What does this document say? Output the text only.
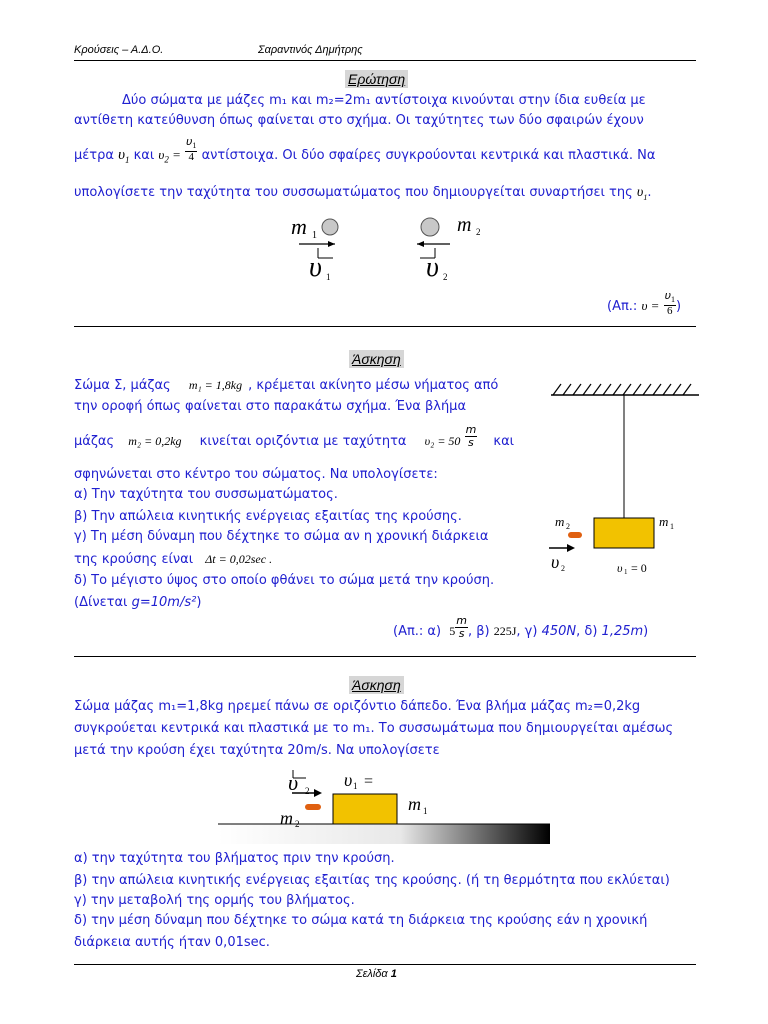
Κρούσεις – Α.Δ.Ο.	Σαραντινός Δημήτρης
Ερώτηση
Δύο σώματα με μάζες m₁ και m₂=2m₁ αντίστοιχα κινούνται στην ίδια ευθεία με
αντίθετη κατεύθυνση όπως φαίνεται στο σχήμα. Οι ταχύτητες των δύο σφαιρών έχουν
μέτρα $\upsilon_1$ και $\upsilon_2 = \frac{\upsilon_1}{4} \alpha\nu\tau ί\sigma\tau o\iota\chi\alpha$. Οι δύο σφαίρες συγκρούονται κεντρικά και πλαστικά. Να
υπολογίσετε την ταχύτητα του συσσωματώματος που δημιουργείται συναρτήσει της $\upsilon_1$.
m 1
υ 1
m 2
υ 2
(Απ.: $\upsilon = \frac{\upsilon_1}{6}$ )
Άσκηση
Σώμα Σ, μάζας m₁ = 1,8kg , κρέμεται ακίνητο μέσω νήματος από
την οροφή όπως φαίνεται στο παρακάτω σχήμα. Ένα βλήμα
μάζας m₂ = 0,2kg κινείται οριζόντια με ταχύτητα $\upsilon_2 = 50 \frac{m}{s}$ και
σφηνώνεται στο κέντρο του σώματος. Να υπολογίσετε:
α) Την ταχύτητα του συσσωματώματος.
β) Την απώλεια κινητικής ενέργειας εξαιτίας της κρούσης.
γ) Τη μέση δύναμη που δέχτηκε το σώμα αν η χρονική διάρκεια
της κρούσης είναι Δt = 0,02sec .
δ) Το μέγιστο ύψος στο οποίο φθάνει το σώμα μετά την κρούση.
(Δίνεται g=10m/s²)
m 2	m 1
υ 2	υ 1 = 0
(Απ.: α) $5 \frac{m}{s}$ , β) 225J, γ) 450N, δ) 1,25m)
Άσκηση
Σώμα μάζας m₁=1,8kg ηρεμεί πάνω σε οριζόντιο δάπεδο. Ένα βλήμα μάζας m₂=0,2kg
συγκρούεται κεντρικά και πλαστικά με το m₁. Το συσσωμάτωμα που δημιουργείται αμέσως
μετά την κρούση έχει ταχύτητα 20m/s. Να υπολογίσετε
υ 2
υ 1 =
m 1
m 2
α) την ταχύτητα του βλήματος πριν την κρούση.
β) την απώλεια κινητικής ενέργειας εξαιτίας της κρούσης. (ή τη θερμότητα που εκλύεται)
γ) την μεταβολή της ορμής του βλήματος.
δ) την μέση δύναμη που δέχτηκε το σώμα κατά τη διάρκεια της κρούσης εάν η χρονική
διάρκεια αυτής ήταν 0,01sec.
Σελίδα 1
